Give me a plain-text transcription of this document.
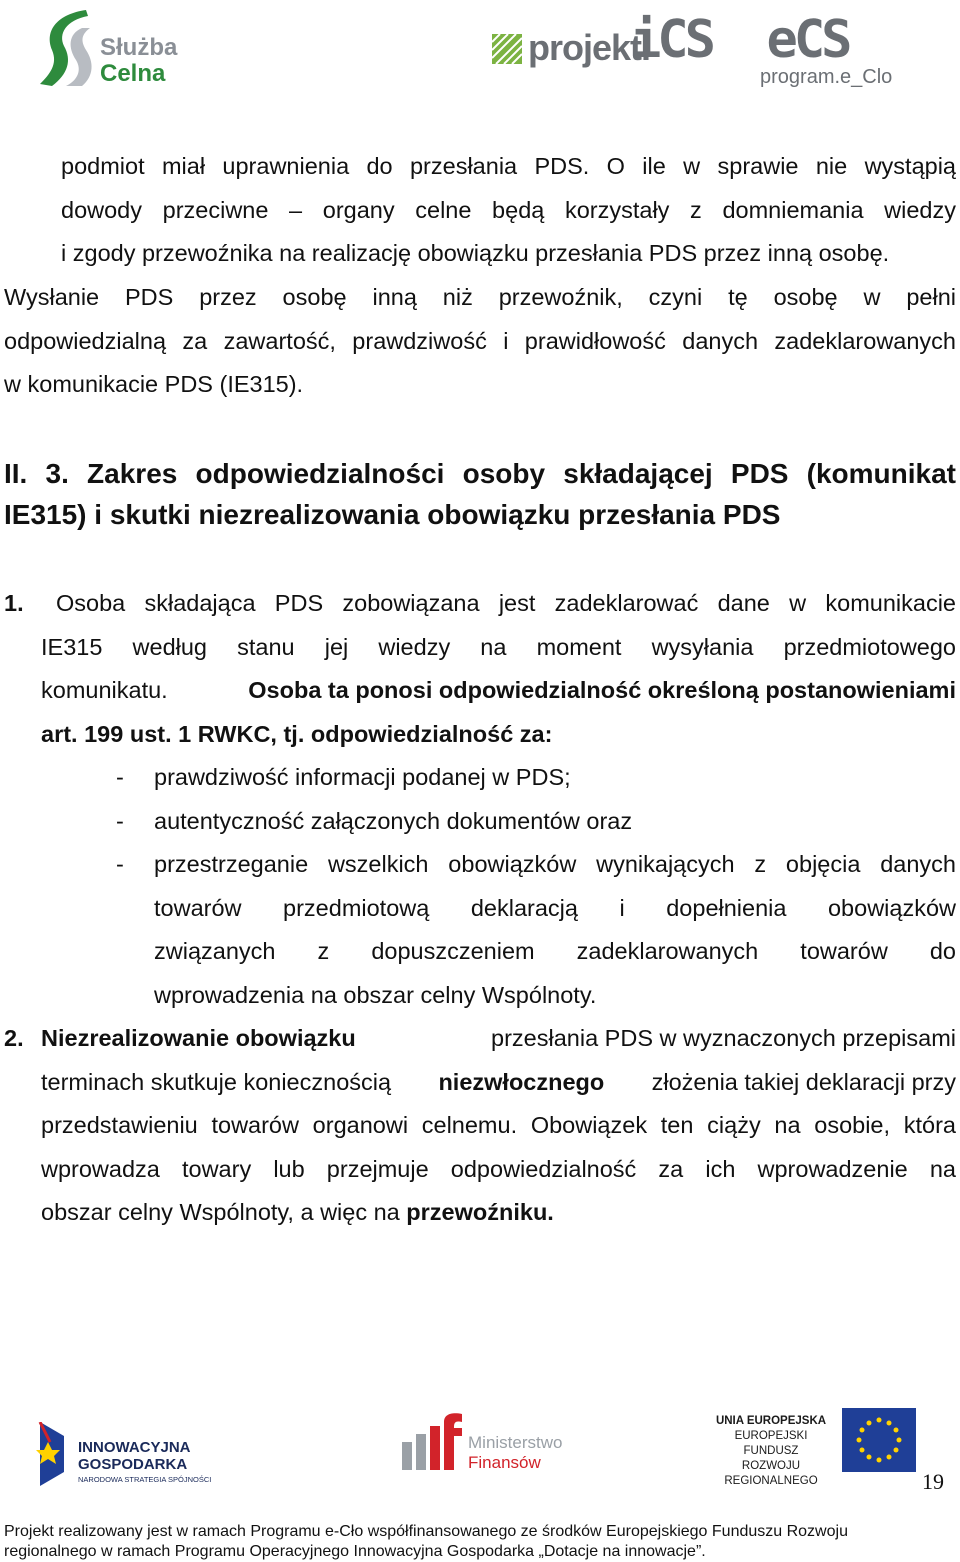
Służba
Celna
projekt.
iCS  eCS
program.e_Clo
podmiot miał uprawnienia do przesłania PDS. O ile w sprawie nie wystąpią
dowody przeciwne – organy celne będą korzystały z domniemania wiedzy
i zgody przewoźnika na realizację obowiązku przesłania PDS przez inną osobę.
Wysłanie PDS przez osobę inną niż przewoźnik, czyni tę osobę w pełni
odpowiedzialną za zawartość, prawdziwość i prawidłowość danych zadeklarowanych
w komunikacie PDS (IE315).
II. 3. Zakres odpowiedzialności osoby składającej PDS (komunikat
IE315) i skutki niezrealizowania obowiązku przesłania PDS
1.	Osoba składająca PDS zobowiązana jest zadeklarować dane w komunikacie
IE315 według stanu jej wiedzy na moment wysyłania przedmiotowego
komunikatu.	Osoba ta ponosi odpowiedzialność określoną postanowieniami
art. 199 ust. 1 RWKC, tj. odpowiedzialność za:
- prawdziwość informacji podanej w PDS;
- autentyczność załączonych dokumentów oraz
- przestrzeganie wszelkich obowiązków wynikających z objęcia danych
towarów przedmiotową deklaracją i dopełnienia obowiązków
związanych z dopuszczeniem zadeklarowanych towarów do
wprowadzenia na obszar celny Wspólnoty.
2. Niezrealizowanie obowiązku	przesłania PDS w wyznaczonych przepisami
terminach skutkuje koniecznością niezwłocznego złożenia takiej deklaracji przy
przedstawieniu towarów organowi celnemu. Obowiązek ten ciąży na osobie, która
wprowadza towary lub przejmuje odpowiedzialność za ich wprowadzenie na
obszar celny Wspólnoty, a więc na przewoźniku.
INNOWACYJNA
GOSPODARKA
NARODOWA STRATEGIA SPÓJNOŚCI
Ministerstwo
Finansów
UNIA EUROPEJSKA
EUROPEJSKI FUNDUSZ
ROZWOJU REGIONALNEGO	19
Projekt realizowany jest w ramach Programu e-Cło współfinansowanego ze środków Europejskiego Funduszu Rozwoju
regionalnego w ramach Programu Operacyjnego Innowacyjna Gospodarka „Dotacje na innowacje”.
